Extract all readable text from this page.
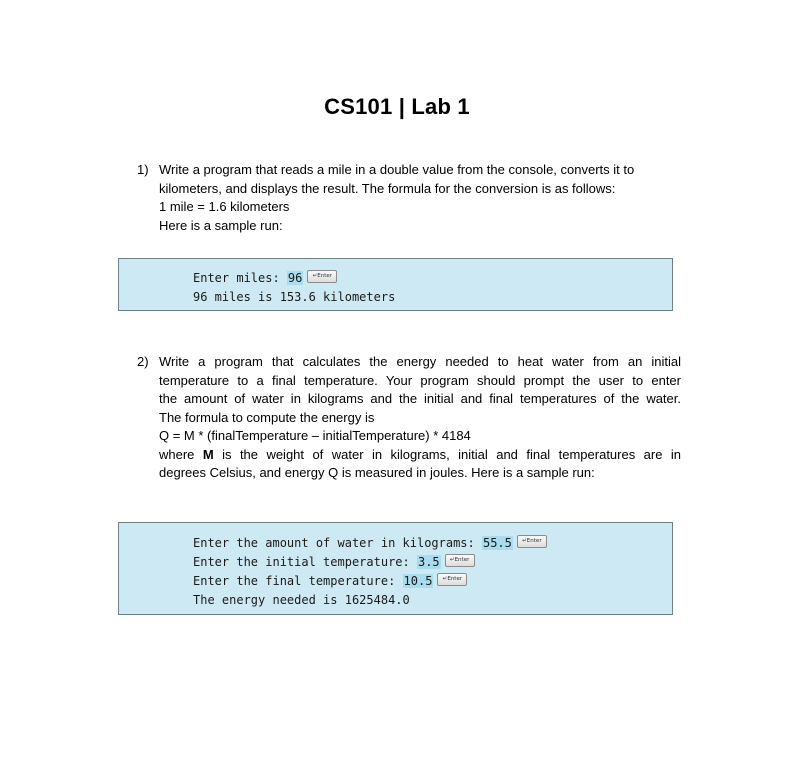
CS101 | Lab 1
1) Write a program that reads a mile in a double value from the console, converts it to

kilometers, and displays the result. The formula for the conversion is as follows:

1 mile = 1.6 kilometers

Here is a sample run:

Enter miles: 96 ↵Enter
96 miles is 153.6 kilometers
2) Write a program that calculates the energy needed to heat water from an initial

temperature to a final temperature. Your program should prompt the user to enter

the amount of water in kilograms and the initial and final temperatures of the water.

The formula to compute the energy is

Q = M * (finalTemperature – initialTemperature) * 4184

where M is the weight of water in kilograms, initial and final temperatures are in

degrees Celsius, and energy Q is measured in joules. Here is a sample run:

Enter the amount of water in kilograms: 55.5 ↵Enter
Enter the initial temperature: 3.5 ↵Enter
Enter the final temperature: 10.5 ↵Enter
The energy needed is 1625484.0
